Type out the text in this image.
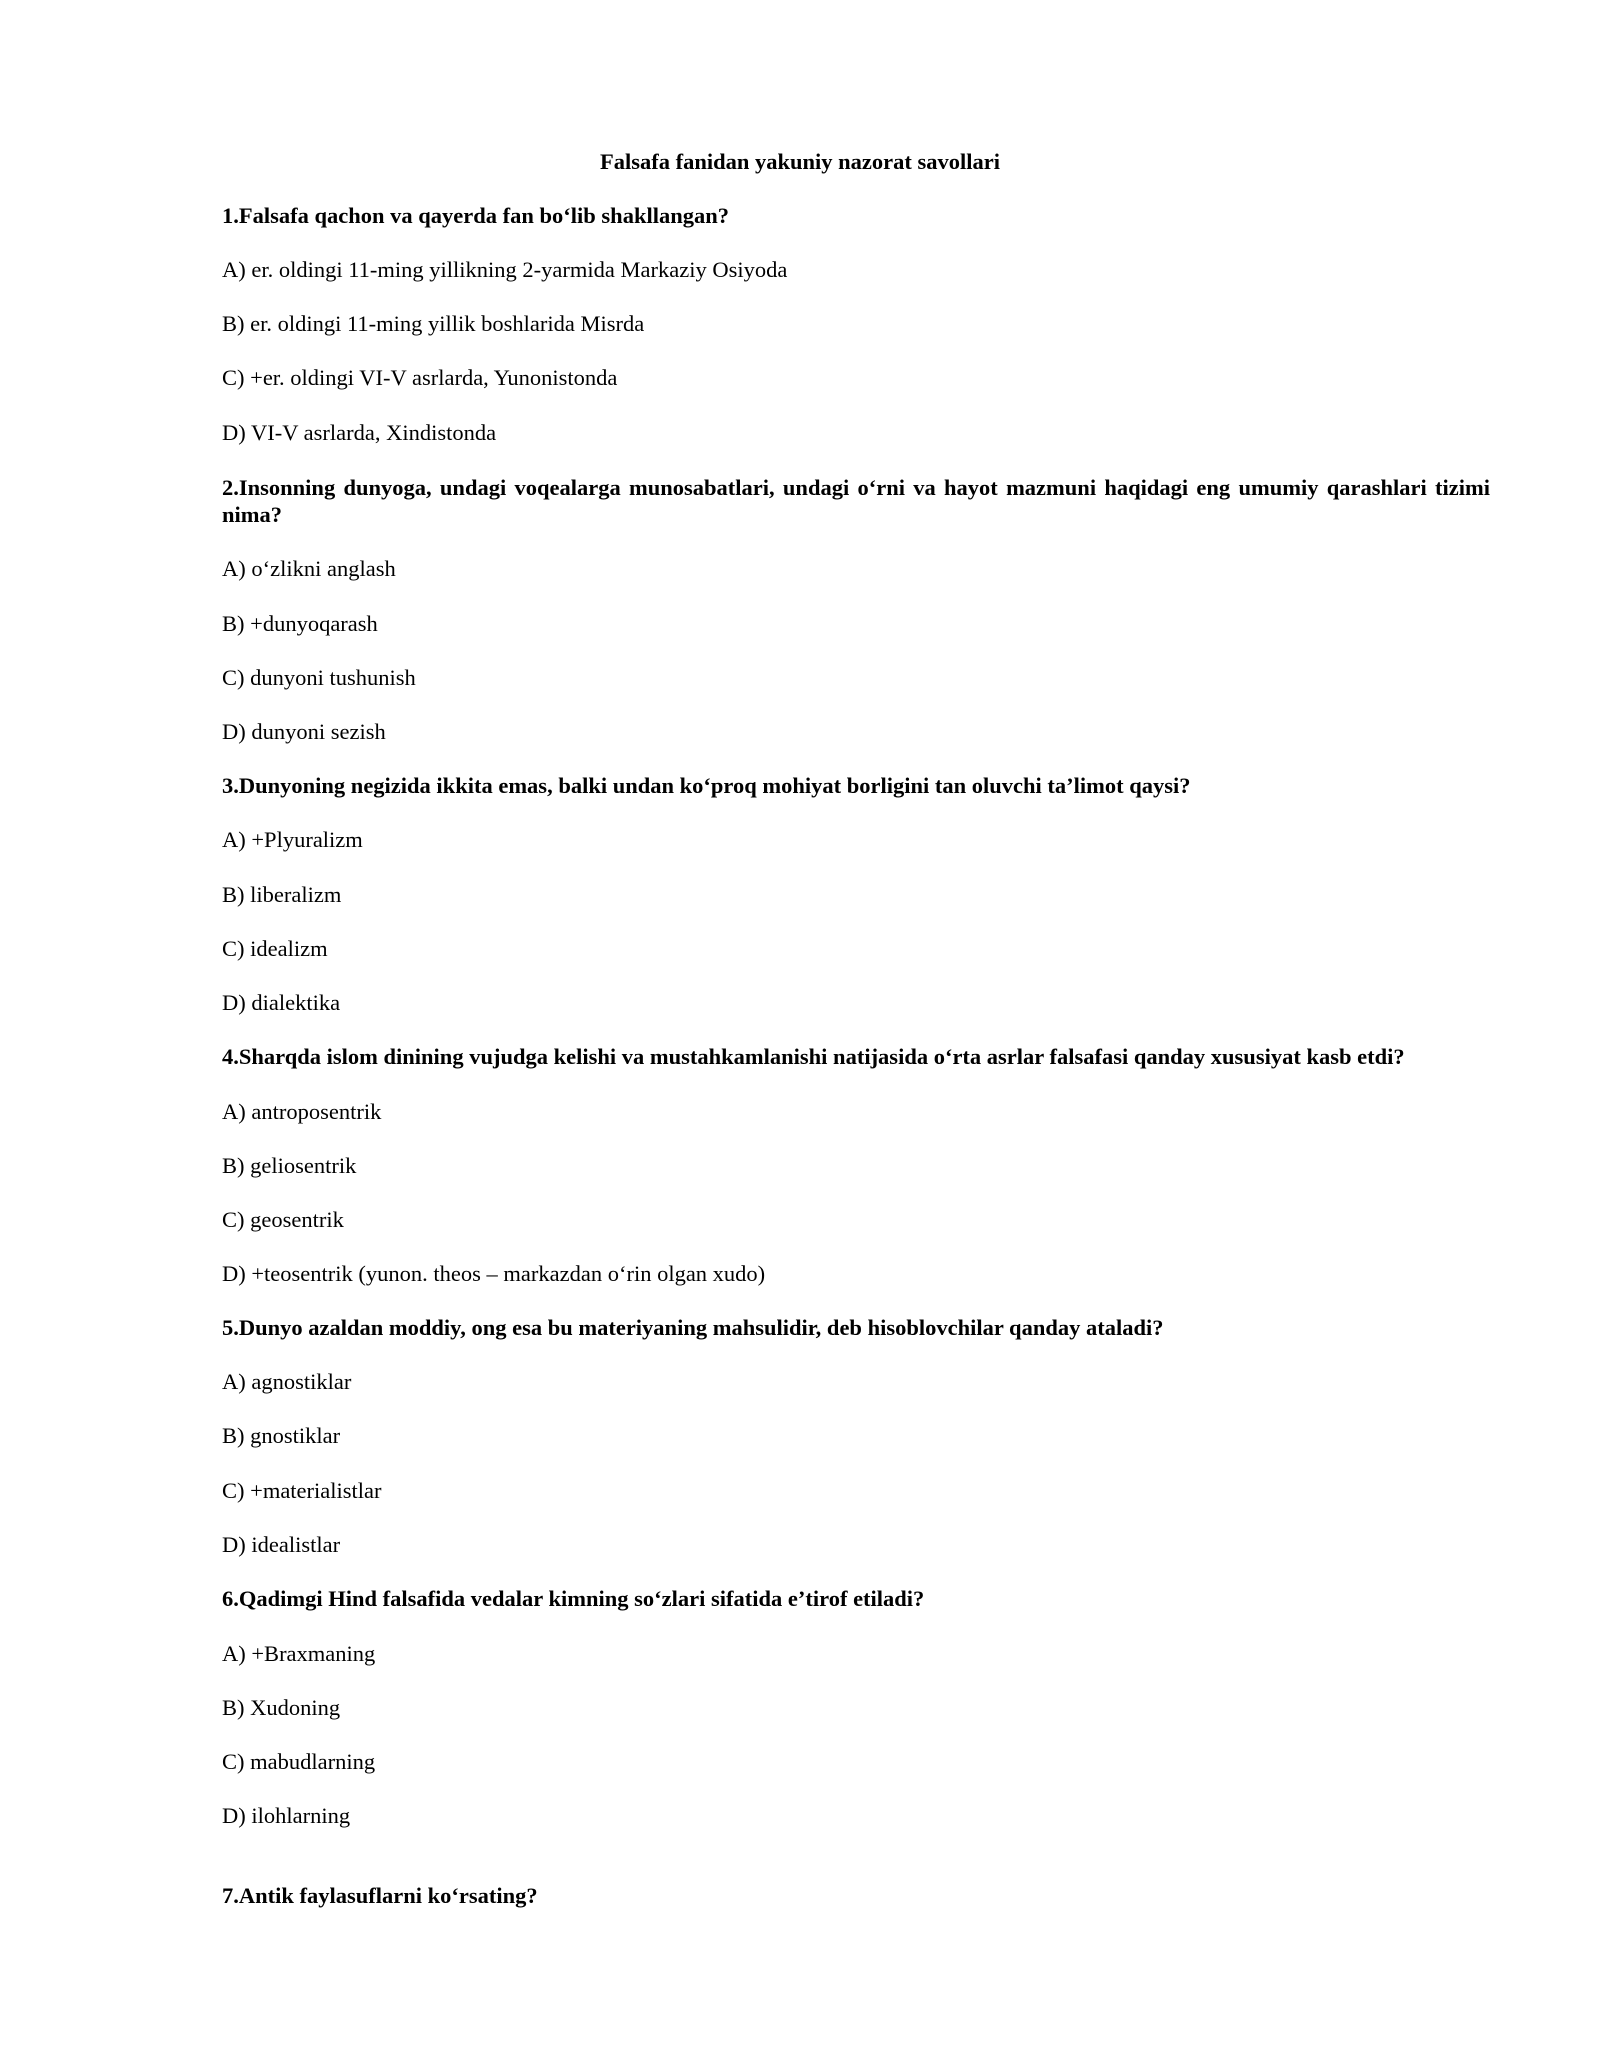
Falsafa fanidan yakuniy nazorat savollari
1.Falsafa qachon va qayerda fan bo‘lib shakllangan?
A) er. oldingi 11-ming yillikning 2-yarmida Markaziy Osiyoda
B) er. oldingi 11-ming yillik boshlarida Misrda
C) +er. oldingi VI-V asrlarda, Yunonistonda
D) VI-V asrlarda, Xindistonda
2.Insonning dunyoga, undagi voqealarga munosabatlari, undagi o‘rni va hayot mazmuni haqidagi eng umumiy qarashlari tizimi nima?
A) o‘zlikni anglash
B) +dunyoqarash
C) dunyoni tushunish
D) dunyoni sezish
3.Dunyoning negizida ikkita emas, balki undan ko‘proq mohiyat borligini tan oluvchi ta’limot qaysi?
A) +Plyuralizm
B) liberalizm
C) idealizm
D) dialektika
4.Sharqda islom dinining vujudga kelishi va mustahkamlanishi natijasida o‘rta asrlar falsafasi qanday xususiyat kasb etdi?
A) antroposentrik
B) geliosentrik
C) geosentrik
D) +teosentrik (yunon. theos – markazdan o‘rin olgan xudo)
5.Dunyo azaldan moddiy, ong esa bu materiyaning mahsulidir, deb hisoblovchilar qanday ataladi?
A) agnostiklar
B) gnostiklar
C) +materialistlar
D) idealistlar
6.Qadimgi Hind falsafida vedalar kimning so‘zlari sifatida e’tirof etiladi?
A) +Braxmaning
B) Xudoning
C) mabudlarning
D) ilohlarning
7.Antik faylasuflarni ko‘rsating?
